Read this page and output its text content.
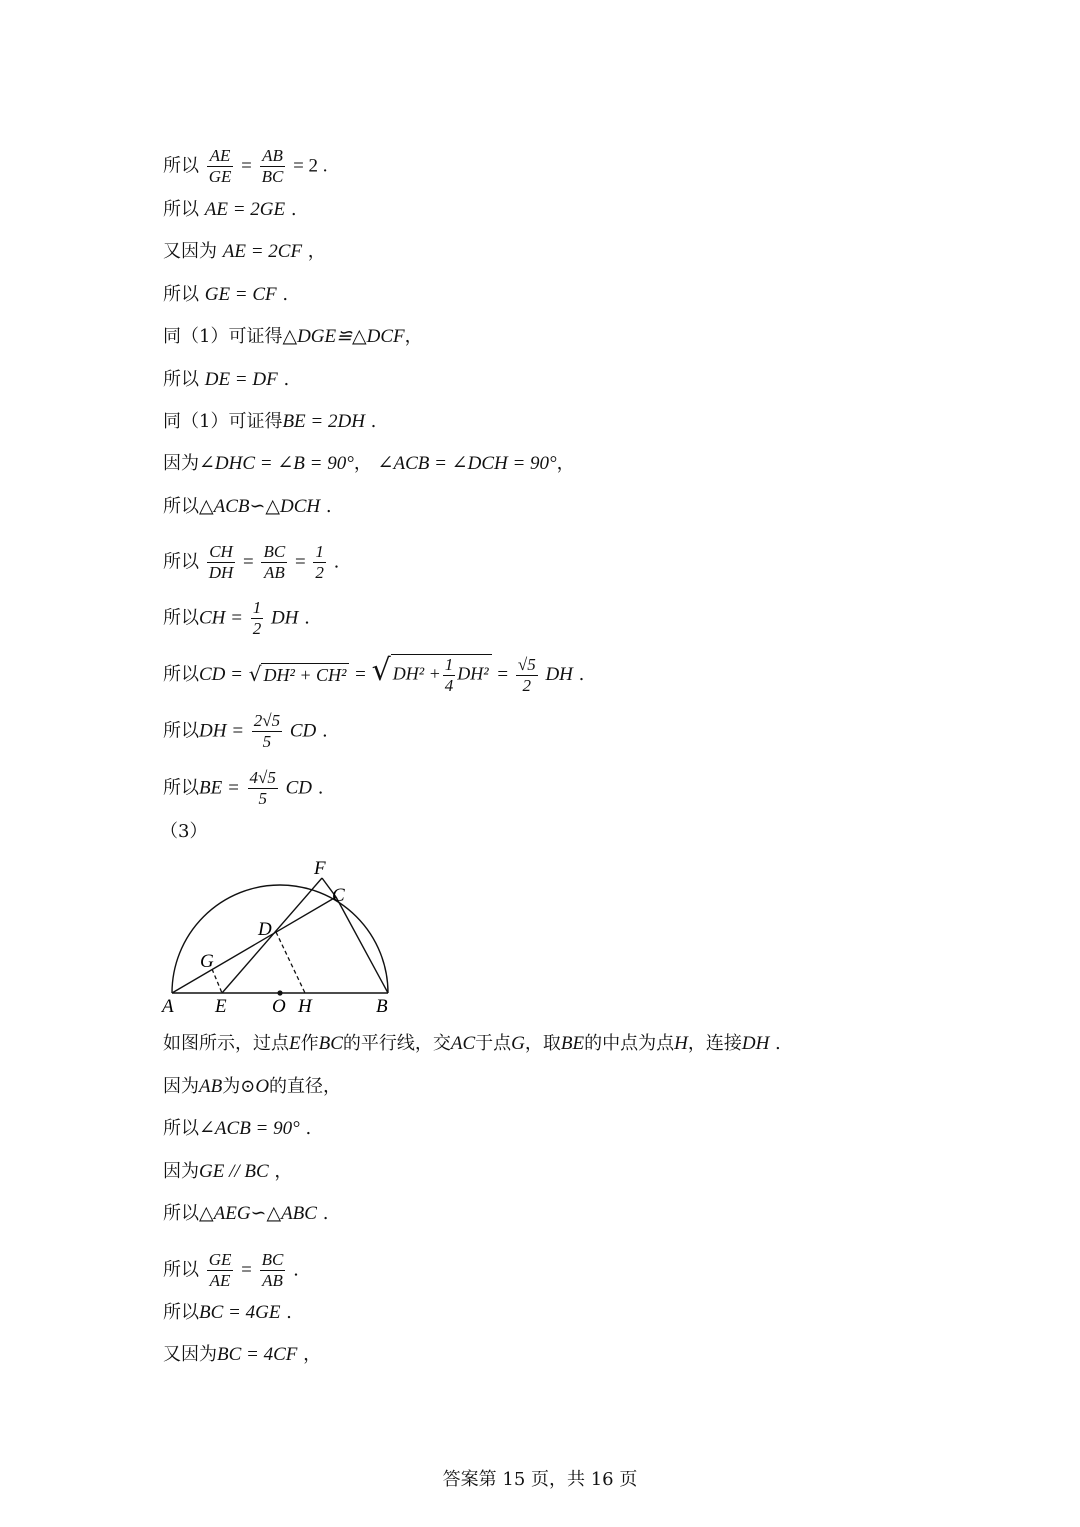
所以 $\frac{AE}{GE} = \frac{AB}{BC} = 2$ .
所以 AE = 2GE .
又因为 AE = 2CF ，
所以 GE = CF .
同（1）可证得△DGE≌△DCF，
所以 DE = DF .
同（1）可证得BE = 2DH .
因为∠DHC = ∠B = 90°， ∠ACB = ∠DCH = 90°，
所以△ACB∽△DCH .
所以 $\frac{CH}{DH} = \frac{BC}{AB} = \frac{1}{2}$ .
所以CH = $\frac{1}{2}$ DH .
所以CD = √ DH² + CH² = √ $DH^2 + \frac{1}{4} DH^2 = \frac{√5}{2}$ DH .
所以DH = $\frac{2√5}{5}$ CD .
所以BE = $\frac{4√5}{5}$ CD .
（3）
A E O H	B
G
D
C
F
如图所示，过点E作BC的平行线，交AC于点G，取BE的中点为点H，连接DH .
因为AB为⊙O的直径，
所以∠ACB = 90° .
因为GE // BC ，
所以△AEG∽△ABC .
所以 $\frac{GE}{AE} = \frac{BC}{AB}$ .
所以BC = 4GE .
又因为BC = 4CF ，
答案第 15 页，共 16 页
